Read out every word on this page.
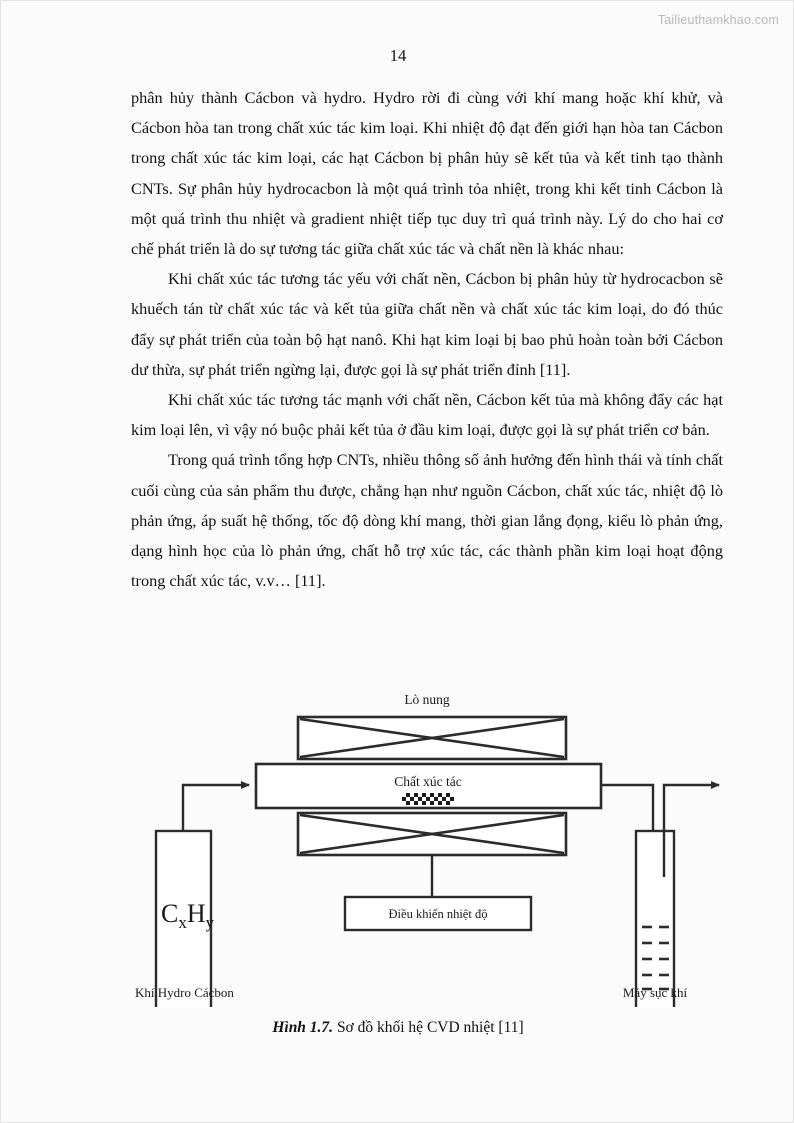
Tailieuthamkhao.com
14

phân hủy thành Cácbon và hydro. Hydro rời đi cùng với khí mang hoặc khí khử, và Cácbon hòa tan trong chất xúc tác kim loại. Khi nhiệt độ đạt đến giới hạn hòa tan Cácbon trong chất xúc tác kim loại, các hạt Cácbon bị phân hủy sẽ kết tủa và kết tinh tạo thành CNTs. Sự phân hủy hydrocacbon là một quá trình tỏa nhiệt, trong khi kết tinh Cácbon là một quá trình thu nhiệt và gradient nhiệt tiếp tục duy trì quá trình này. Lý do cho hai cơ chế phát triển là do sự tương tác giữa chất xúc tác và chất nền là khác nhau:

Khi chất xúc tác tương tác yếu với chất nền, Cácbon bị phân hủy từ hydrocacbon sẽ khuếch tán từ chất xúc tác và kết tủa giữa chất nền và chất xúc tác kim loại, do đó thúc đẩy sự phát triển của toàn bộ hạt nanô. Khi hạt kim loại bị bao phủ hoàn toàn bởi Cácbon dư thừa, sự phát triển ngừng lại, được gọi là sự phát triển đỉnh [11].

Khi chất xúc tác tương tác mạnh với chất nền, Cácbon kết tủa mà không đẩy các hạt kim loại lên, vì vậy nó buộc phải kết tủa ở đầu kim loại, được gọi là sự phát triển cơ bản.

Trong quá trình tổng hợp CNTs, nhiều thông số ảnh hưởng đến hình thái và tính chất cuối cùng của sản phẩm thu được, chẳng hạn như nguồn Cácbon, chất xúc tác, nhiệt độ lò phản ứng, áp suất hệ thống, tốc độ dòng khí mang, thời gian lắng đọng, kiểu lò phản ứng, dạng hình học của lò phản ứng, chất hỗ trợ xúc tác, các thành phần kim loại hoạt động trong chất xúc tác, v.v… [11].

Lò nung
Chất xúc tác
Điều khiển nhiệt độ
$C_xH_y$
Khí Hydro Cácbon	Máy sục khí
Hình 1.7. Sơ đồ khối hệ CVD nhiệt [11]
